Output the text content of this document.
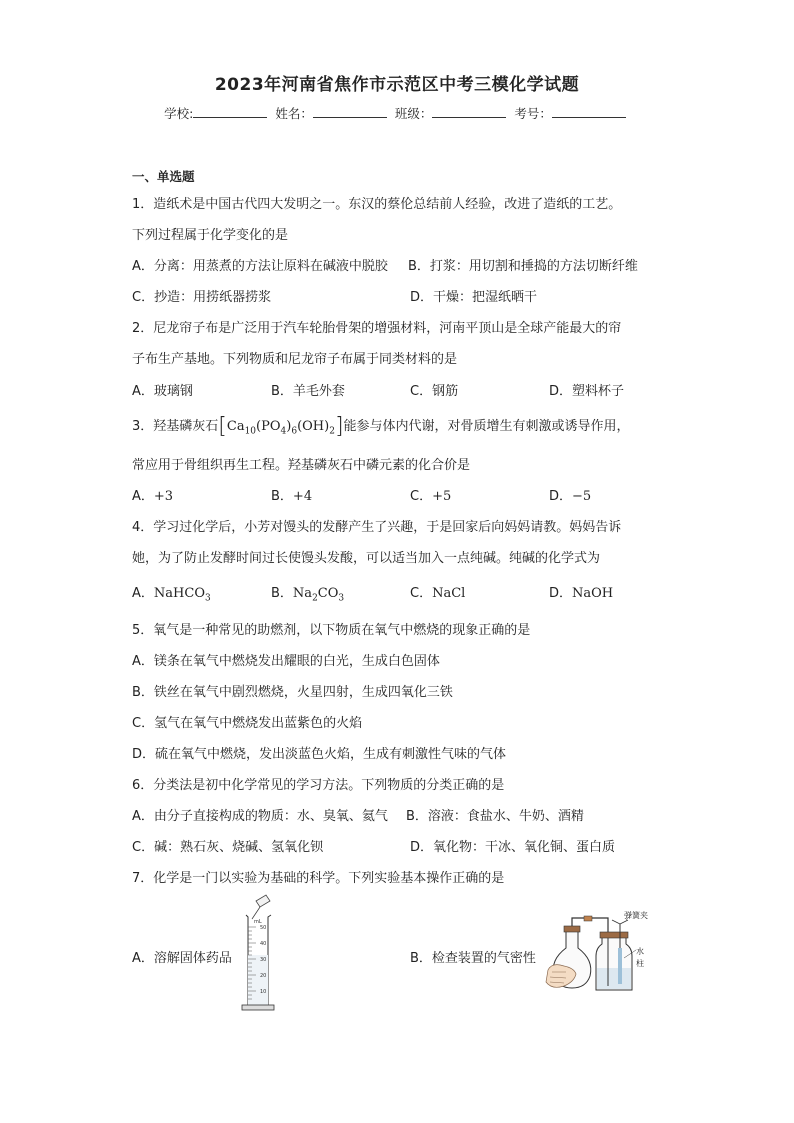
2023年河南省焦作市示范区中考三模化学试题
学校:	姓名：	班级：	考号：
一、单选题
1．造纸术是中国古代四大发明之一。东汉的蔡伦总结前人经验，改进了造纸的工艺。
下列过程属于化学变化的是
A．分离：用蒸煮的方法让原料在碱液中脱胶 B．打浆：用切割和捶捣的方法切断纤维
C．抄造：用捞纸器捞浆	D．干燥：把湿纸晒干
2．尼龙帘子布是广泛用于汽车轮胎骨架的增强材料，河南平顶山是全球产能最大的帘
子布生产基地。下列物质和尼龙帘子布属于同类材料的是
A．玻璃钢	B．羊毛外套	C．钢筋	D．塑料杯子
3．羟基磷灰石$[Ca_{10}(PO_4)_6(OH)_2]$能参与体内代谢，对骨质增生有刺激或诱导作用，
常应用于骨组织再生工程。羟基磷灰石中磷元素的化合价是
A．+3	B．+4	C．+5	D．−5
4．学习过化学后，小芳对馒头的发酵产生了兴趣，于是回家后向妈妈请教。妈妈告诉
她，为了防止发酵时间过长使馒头发酸，可以适当加入一点纯碱。纯碱的化学式为
A．NaHCO$_3$	B．$Na_2CO_3$	C．NaCl	D．NaOH
5．氧气是一种常见的助燃剂，以下物质在氧气中燃烧的现象正确的是
A．镁条在氧气中燃烧发出耀眼的白光，生成白色固体
B．铁丝在氧气中剧烈燃烧，火星四射，生成四氧化三铁
C．氢气在氧气中燃烧发出蓝紫色的火焰
D．硫在氧气中燃烧，发出淡蓝色火焰，生成有刺激性气味的气体
6．分类法是初中化学常见的学习方法。下列物质的分类正确的是
A．由分子直接构成的物质：水、臭氧、氦气 B．溶液：食盐水、牛奶、酒精
C．碱：熟石灰、烧碱、氢氧化钡	D．氧化物：干冰、氧化铜、蛋白质
7．化学是一门以实验为基础的科学。下列实验基本操作正确的是
A．溶解固体药品	B．检查装置的气密性
mL
50
40
30
20
10
弹簧夹
水
柱
